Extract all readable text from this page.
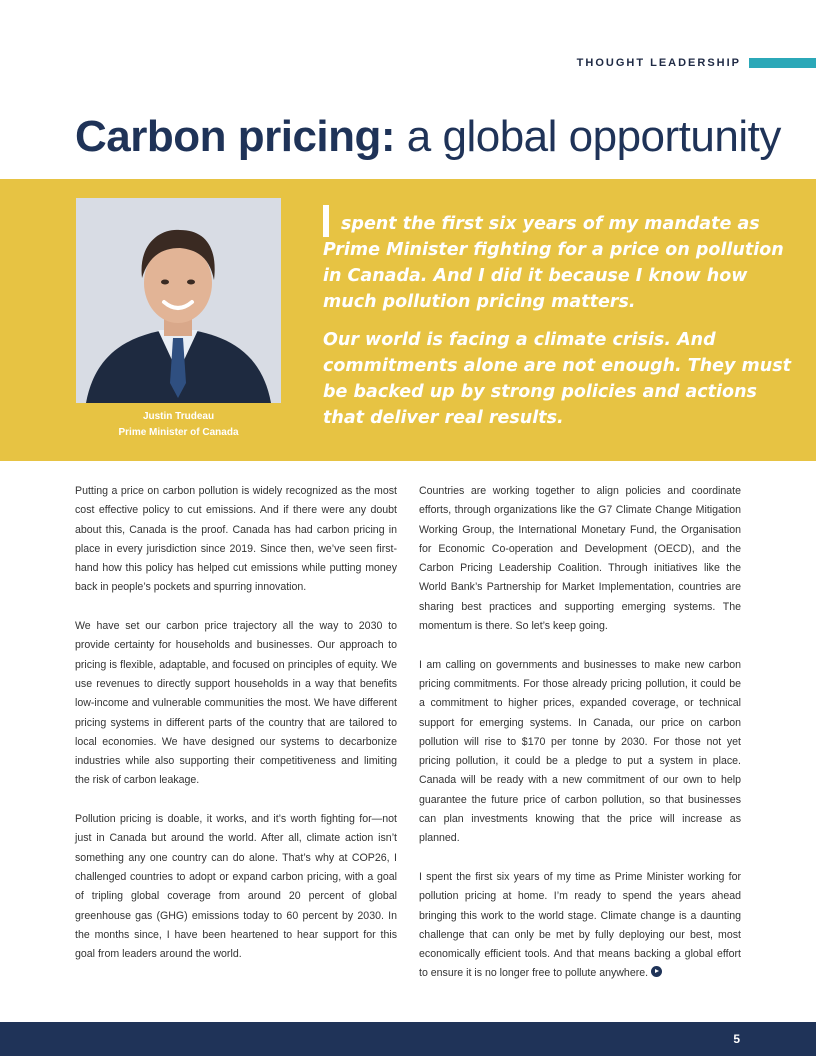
THOUGHT LEADERSHIP
Carbon pricing: a global opportunity
Justin Trudeau
Prime Minister of Canada

spent the first six years of my mandate as Prime Minister fighting for a price on pollution in Canada. And I did it because I know how much pollution pricing matters.

Our world is facing a climate crisis. And commitments alone are not enough. They must be backed up by strong policies and actions that deliver real results.

Putting a price on carbon pollution is widely recognized as the most cost effective policy to cut emissions. And if there were any doubt about this, Canada is the proof. Canada has had carbon pricing in place in every jurisdiction since 2019. Since then, we’ve seen first-hand how this policy has helped cut emissions while putting money back in people’s pockets and spurring innovation.

We have set our carbon price trajectory all the way to 2030 to provide certainty for households and businesses. Our approach to pricing is flexible, adaptable, and focused on principles of equity. We use revenues to directly support households in a way that benefits low-income and vulnerable communities the most. We have different pricing systems in different parts of the country that are tailored to local economies. We have designed our systems to decarbonize industries while also supporting their competitiveness and limiting the risk of carbon leakage.

Pollution pricing is doable, it works, and it’s worth fighting for—not just in Canada but around the world. After all, climate action isn’t something any one country can do alone. That’s why at COP26, I challenged countries to adopt or expand carbon pricing, with a goal of tripling global coverage from around 20 percent of global greenhouse gas (GHG) emissions today to 60 percent by 2030. In the months since, I have been heartened to hear support for this goal from leaders around the world.

Countries are working together to align policies and coordinate efforts, through organizations like the G7 Climate Change Mitigation Working Group, the International Monetary Fund, the Organisation for Economic Co-operation and Development (OECD), and the Carbon Pricing Leadership Coalition. Through initiatives like the World Bank’s Partnership for Market Implementation, countries are sharing best practices and supporting emerging systems. The momentum is there. So let’s keep going.

I am calling on governments and businesses to make new carbon pricing commitments. For those already pricing pollution, it could be a commitment to higher prices, expanded coverage, or technical support for emerging systems. In Canada, our price on carbon pollution will rise to $170 per tonne by 2030. For those not yet pricing pollution, it could be a pledge to put a system in place. Canada will be ready with a new commitment of our own to help guarantee the future price of carbon pollution, so that businesses can plan investments knowing that the price will increase as planned.

I spent the first six years of my time as Prime Minister working for pollution pricing at home. I’m ready to spend the years ahead bringing this work to the world stage. Climate change is a daunting challenge that can only be met by fully deploying our best, most economically efficient tools. And that means backing a global effort to ensure it is no longer free to pollute anywhere.

5
